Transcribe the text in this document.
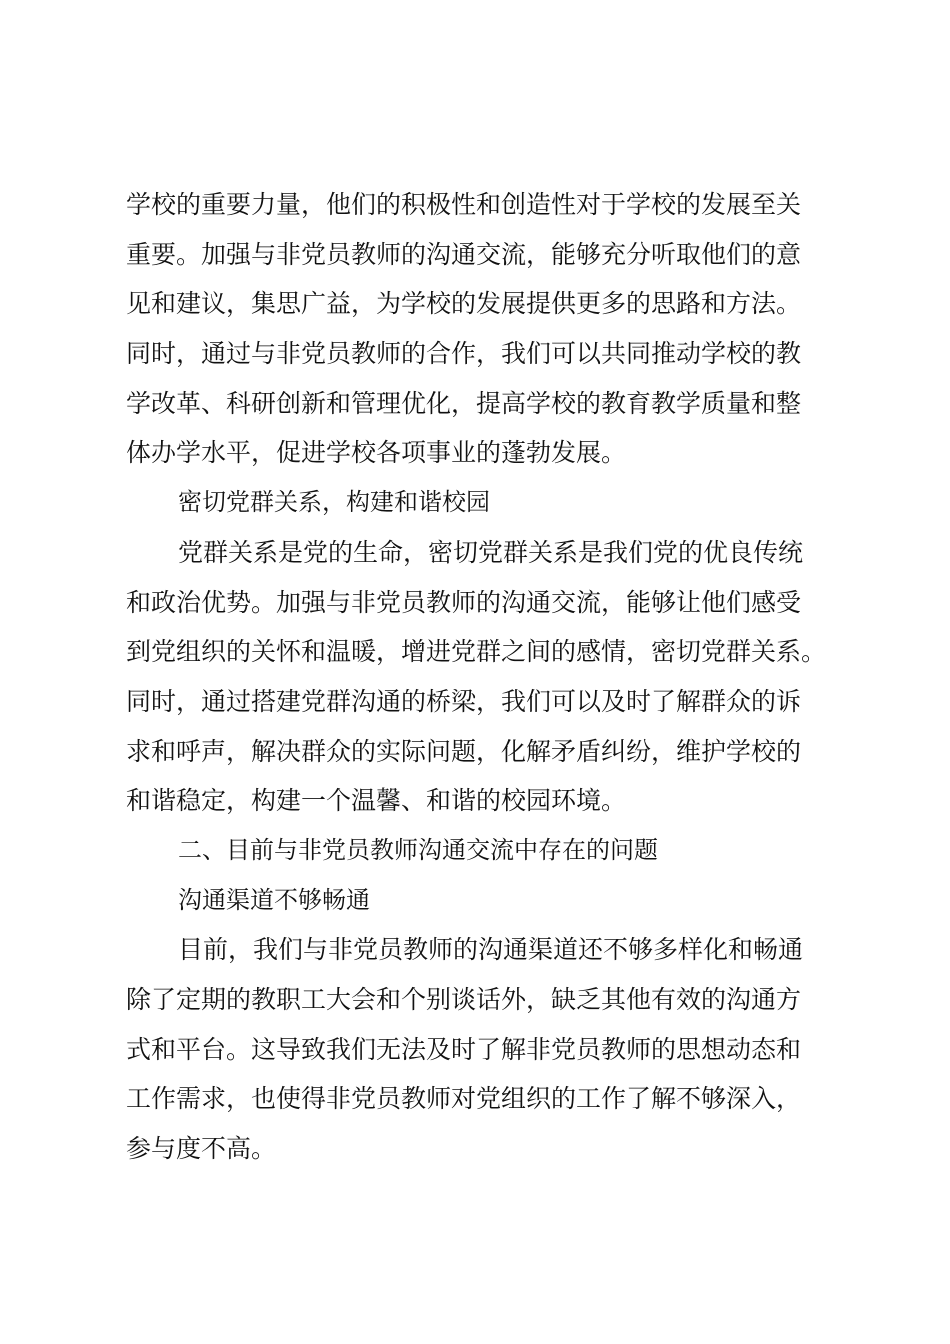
学校的重要力量，他们的积极性和创造性对于学校的发展至关
重要。加强与非党员教师的沟通交流，能够充分听取他们的意
见和建议，集思广益，为学校的发展提供更多的思路和方法。
同时，通过与非党员教师的合作，我们可以共同推动学校的教
学改革、科研创新和管理优化，提高学校的教育教学质量和整
体办学水平，促进学校各项事业的蓬勃发展。
密切党群关系，构建和谐校园
党群关系是党的生命，密切党群关系是我们党的优良传统
和政治优势。加强与非党员教师的沟通交流，能够让他们感受
到党组织的关怀和温暖，增进党群之间的感情，密切党群关系。
同时，通过搭建党群沟通的桥梁，我们可以及时了解群众的诉
求和呼声，解决群众的实际问题，化解矛盾纠纷，维护学校的
和谐稳定，构建一个温馨、和谐的校园环境。
二、目前与非党员教师沟通交流中存在的问题
沟通渠道不够畅通
目前，我们与非党员教师的沟通渠道还不够多样化和畅通
除了定期的教职工大会和个别谈话外，缺乏其他有效的沟通方
式和平台。这导致我们无法及时了解非党员教师的思想动态和
工作需求，也使得非党员教师对党组织的工作了解不够深入，
参与度不高。
